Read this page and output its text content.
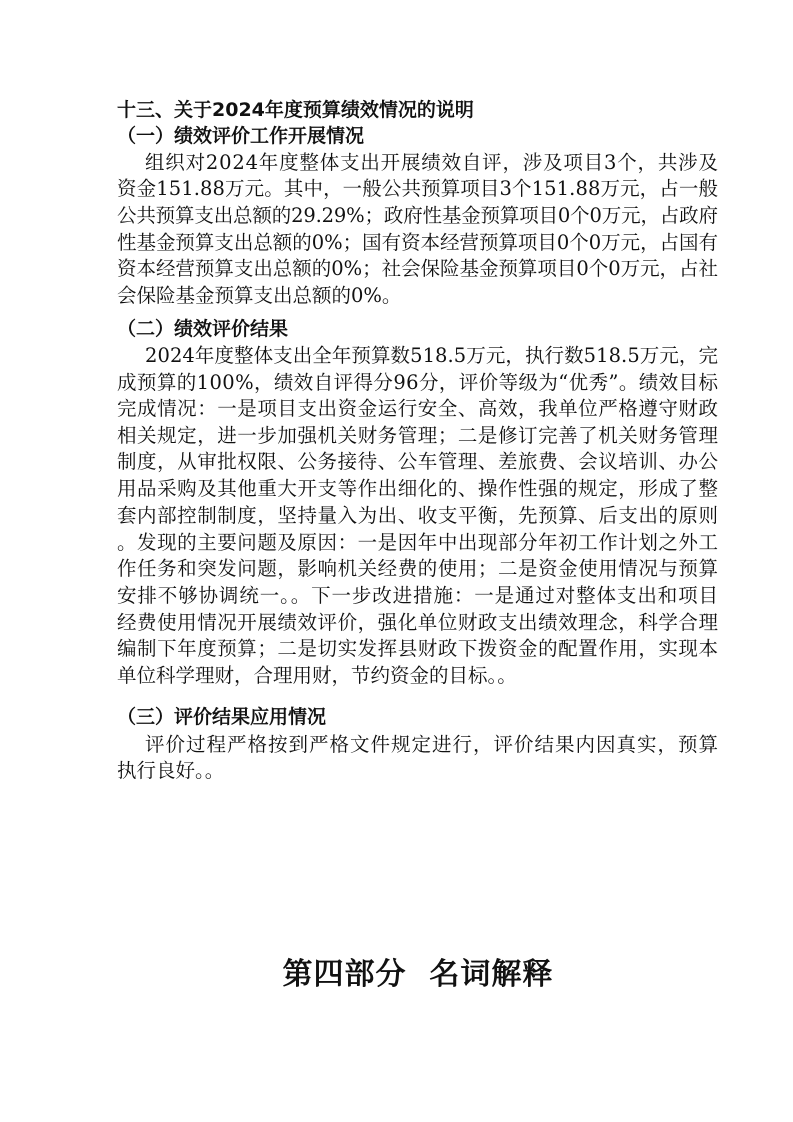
十三、关于2024年度预算绩效情况的说明
（一）绩效评价工作开展情况
组织对2024年度整体支出开展绩效自评，涉及项目3个，共涉及
资金151.88万元。其中，一般公共预算项目3个151.88万元，占一般
公共预算支出总额的29.29%；政府性基金预算项目0个0万元，占政府
性基金预算支出总额的0%；国有资本经营预算项目0个0万元，占国有
资本经营预算支出总额的0%；社会保险基金预算项目0个0万元，占社
会保险基金预算支出总额的0%。
（二）绩效评价结果
2024年度整体支出全年预算数518.5万元，执行数518.5万元，完
成预算的100%，绩效自评得分96分，评价等级为“优秀”。绩效目标
完成情况：一是项目支出资金运行安全、高效，我单位严格遵守财政
相关规定，进一步加强机关财务管理；二是修订完善了机关财务管理
制度，从审批权限、公务接待、公车管理、差旅费、会议培训、办公
用品采购及其他重大开支等作出细化的、操作性强的规定，形成了整
套内部控制制度，坚持量入为出、收支平衡，先预算、后支出的原则
。发现的主要问题及原因：一是因年中出现部分年初工作计划之外工
作任务和突发问题，影响机关经费的使用；二是资金使用情况与预算
安排不够协调统一。。下一步改进措施：一是通过对整体支出和项目
经费使用情况开展绩效评价，强化单位财政支出绩效理念，科学合理
编制下年度预算；二是切实发挥县财政下拨资金的配置作用，实现本
单位科学理财，合理用财，节约资金的目标。。
（三）评价结果应用情况
评价过程严格按到严格文件规定进行，评价结果内因真实，预算
执行良好。。
第四部分  名词解释
